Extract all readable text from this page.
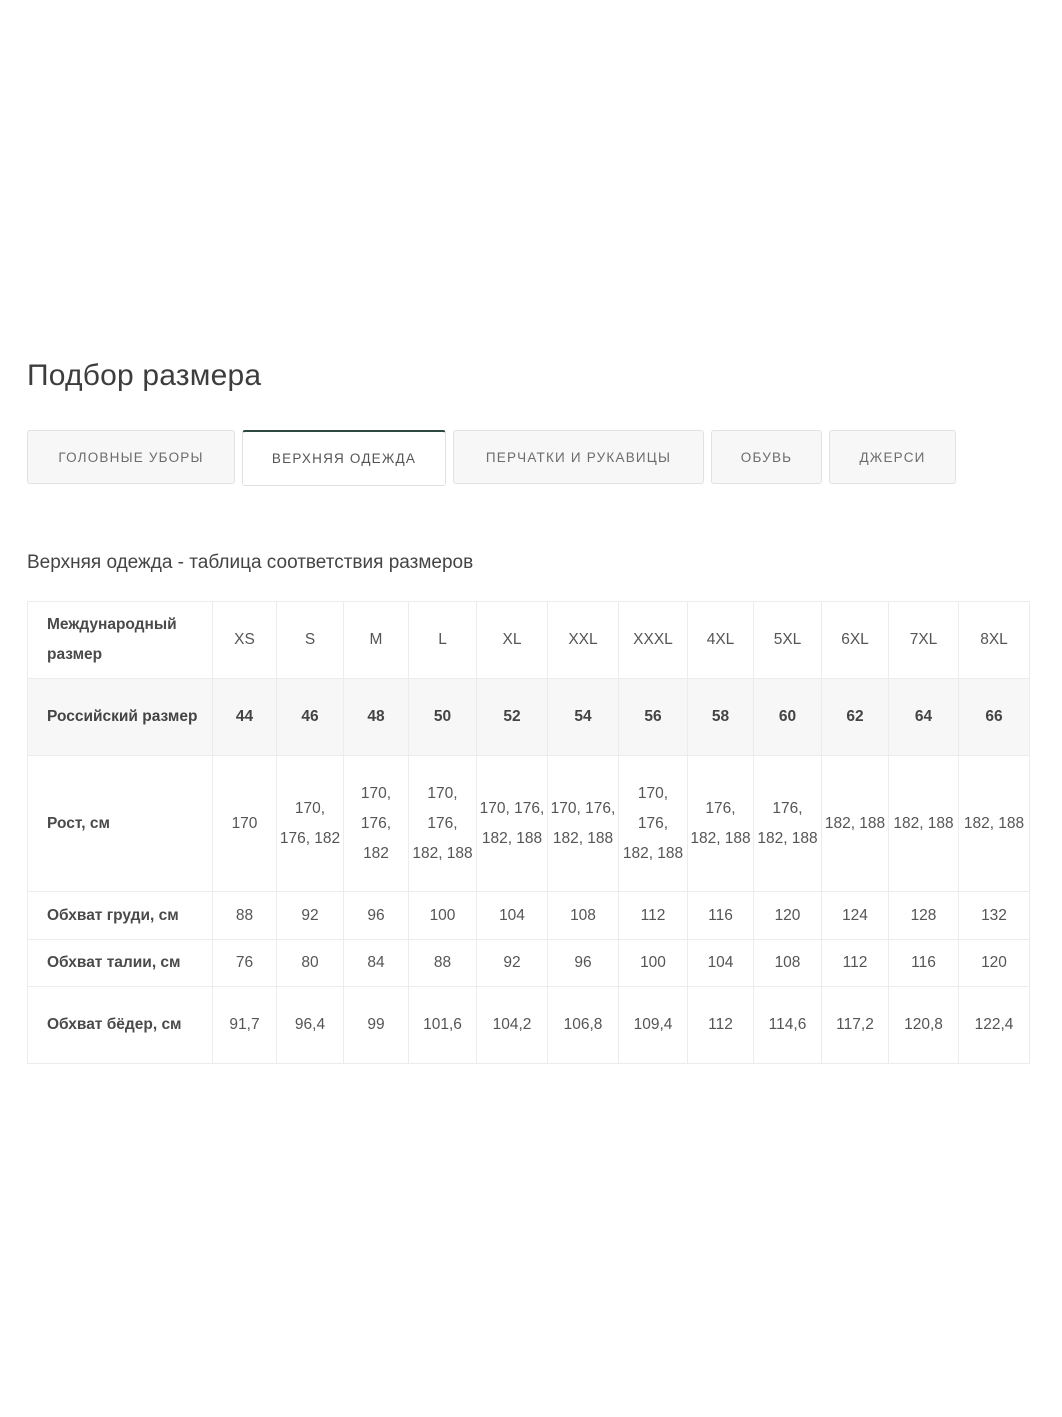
Подбор размера
ГОЛОВНЫЕ УБОРЫ	ВЕРХНЯЯ ОДЕЖДА	ПЕРЧАТКИ И РУКАВИЦЫ	ОБУВЬ	ДЖЕРСИ
Верхняя одежда - таблица соответствия размеров
Международный размер	XS	S	M	L	XL	XXL	XXXL	4XL	5XL	6XL	7XL	8XL
Российский размер	44	46	48	50	52	54	56	58	60	62	64	66
Рост, см	170	170, 176, 182	170, 176, 182	170, 176, 182, 188	170, 176, 182, 188	170, 176, 182, 188	170, 176, 182, 188	176, 182, 188	176, 182, 188	182, 188	182, 188	182, 188
Обхват груди, см	88	92	96	100	104	108	112	116	120	124	128	132
Обхват талии, см	76	80	84	88	92	96	100	104	108	112	116	120
Обхват бёдер, см	91,7	96,4	99	101,6	104,2	106,8	109,4	112	114,6	117,2	120,8	122,4
